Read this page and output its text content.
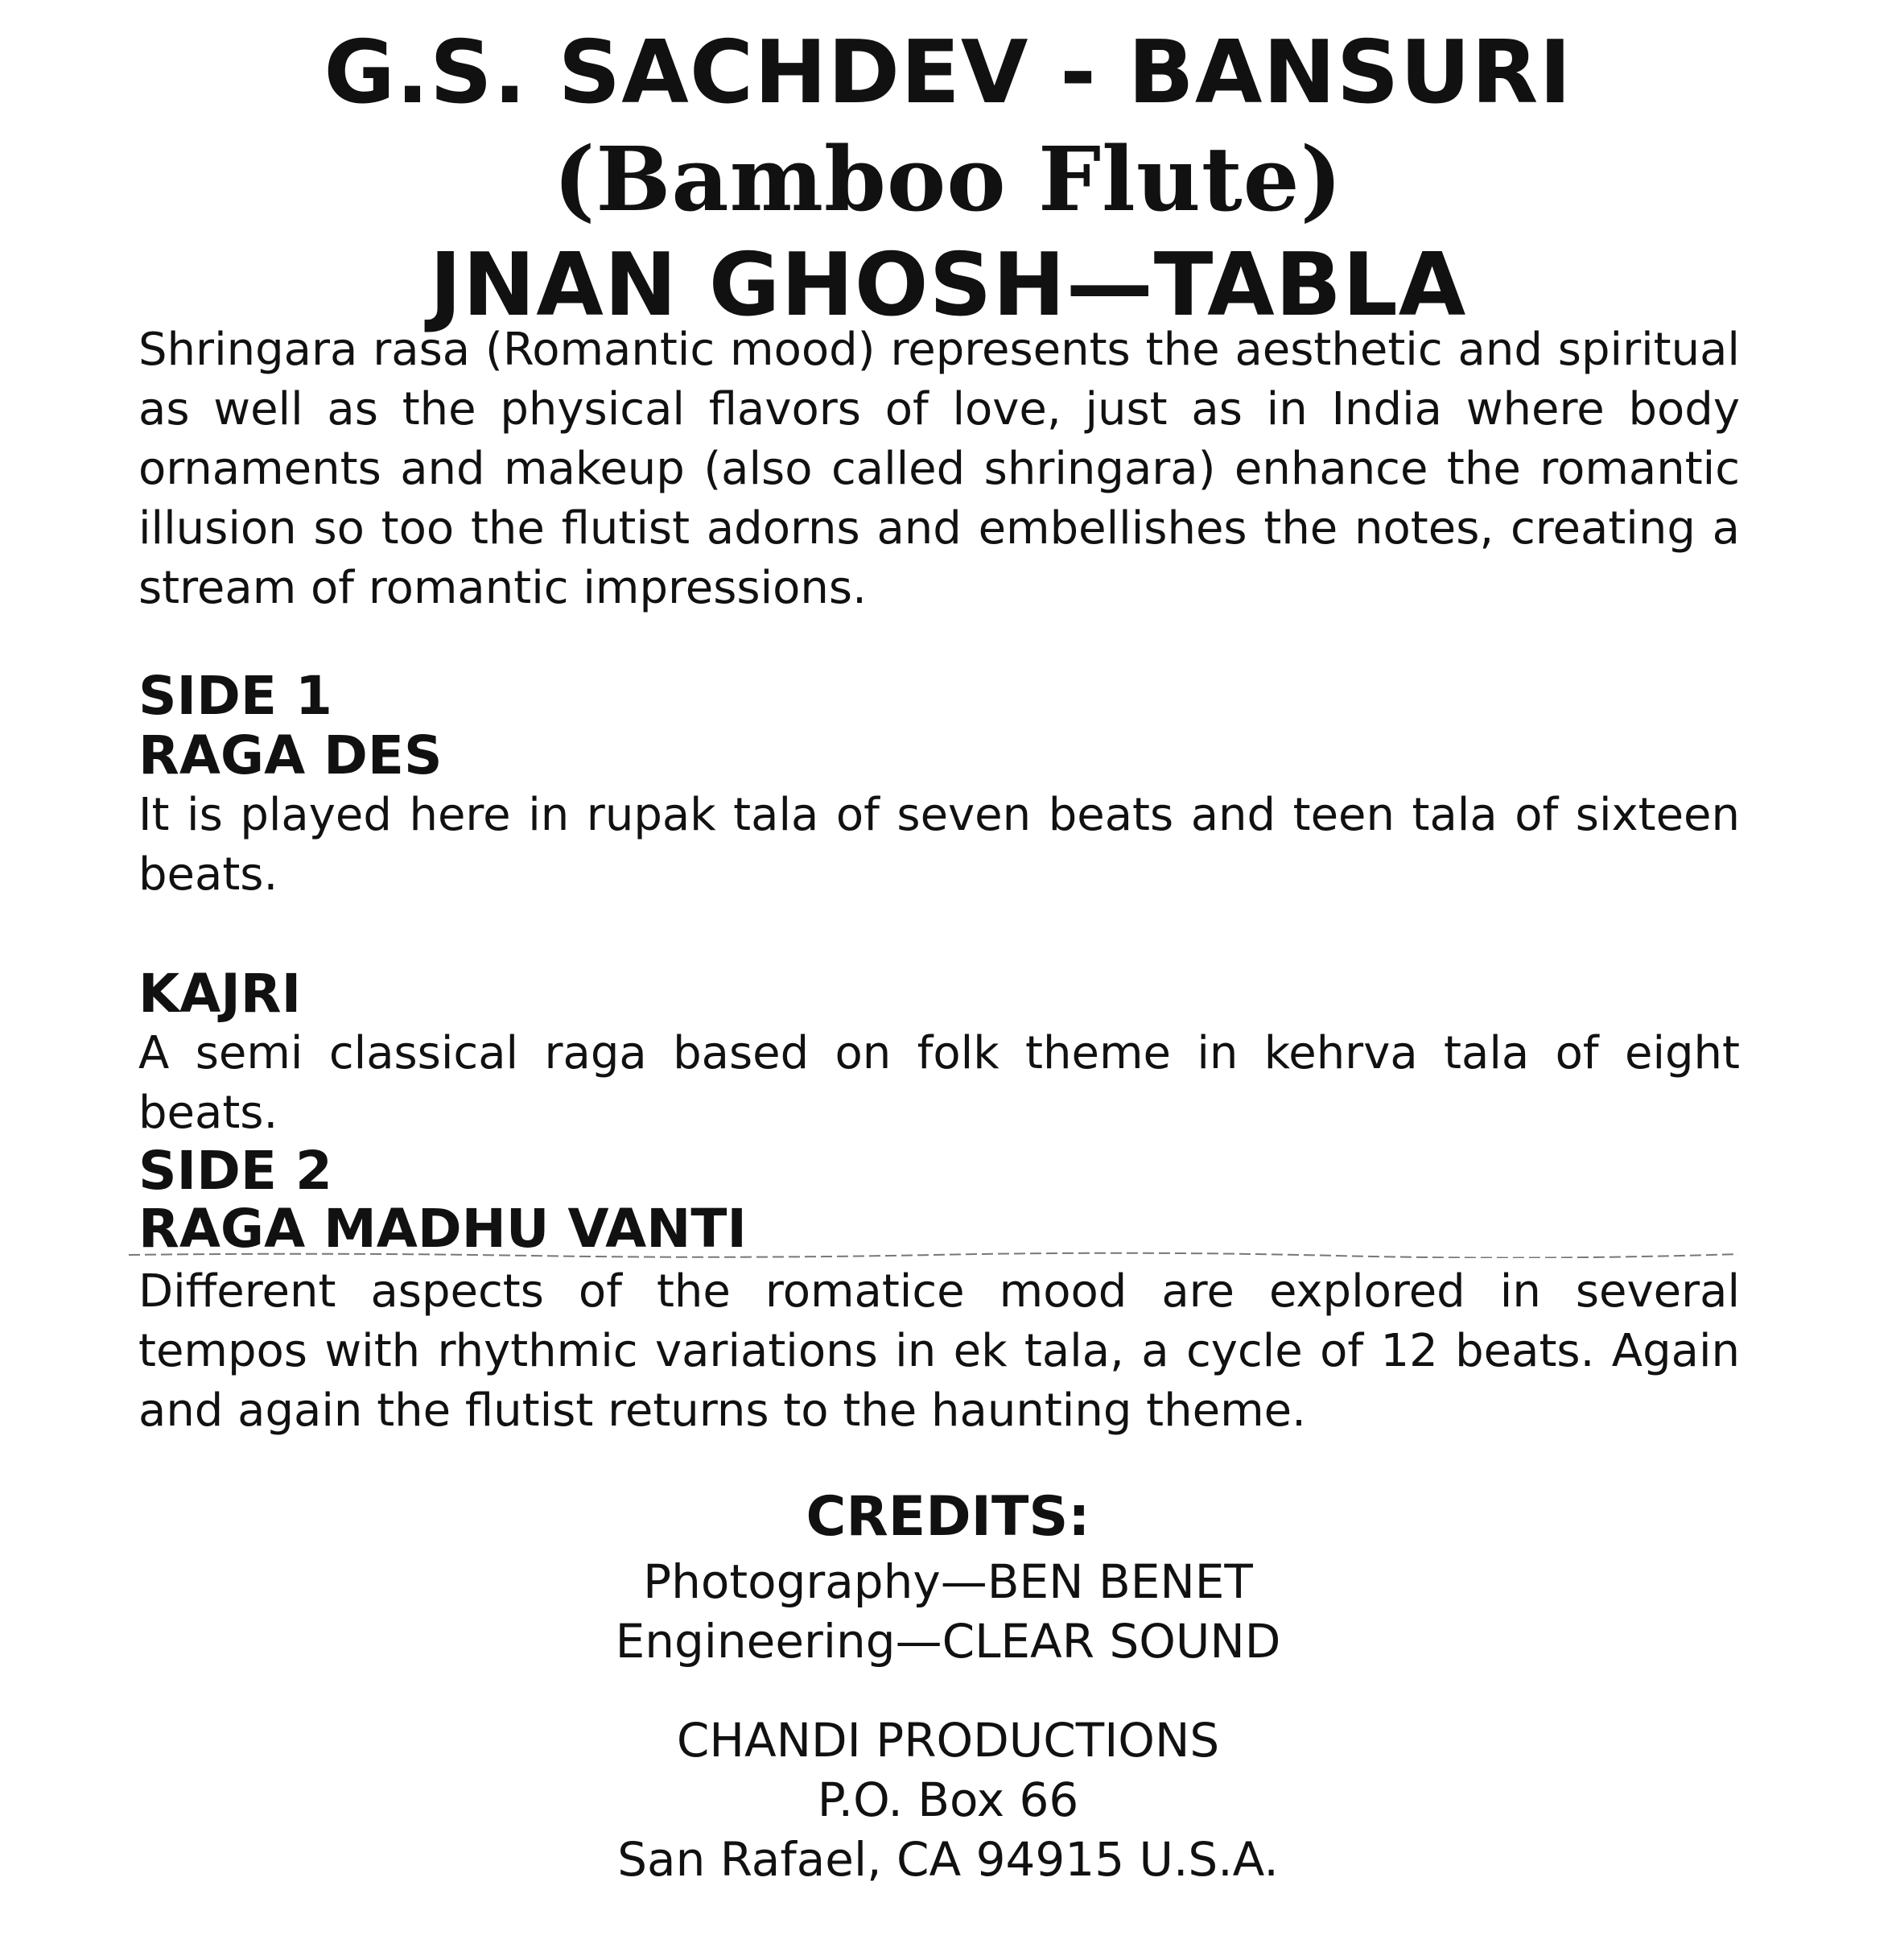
G.S. SACHDEV - BANSURI
(Bamboo Flute)
JNAN GHOSH—TABLA
Shringara rasa (Romantic mood) represents the aesthetic and spiritual as well as the physical flavors of love, just as in India where body ornaments and makeup (also called shringara) enhance the romantic illusion so too the flutist adorns and embellishes the notes, creating a stream of romantic impressions.
SIDE 1
RAGA DES
It is played here in rupak tala of seven beats and teen tala of sixteen beats.
KAJRI
A semi classical raga based on folk theme in kehrva tala of eight beats.
SIDE 2
RAGA MADHU VANTI
Different aspects of the romatice mood are explored in several tempos with rhythmic variations in ek tala, a cycle of 12 beats. Again and again the flutist returns to the haunting theme.
CREDITS:
Photography—BEN BENET
Engineering—CLEAR SOUND
CHANDI PRODUCTIONS
P.O. Box 66
San Rafael, CA 94915 U.S.A.
